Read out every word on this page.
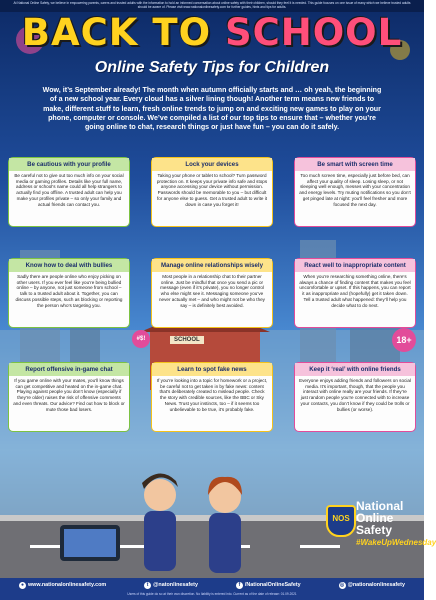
At National Online Safety, we believe in empowering parents, carers and trusted adults with the information to hold an informed conversation about online safety with their children, should they feel it is needed. This guide focuses on one issue of many which we believe trusted adults should be aware of. Please visit www.nationalonlinesafety.com for further guides, hints and tips for adults.
BACK TO SCHOOL
Online Safety Tips for Children
Wow, it’s September already! The month when autumn officially starts and … oh yeah, the beginning of a new school year. Every cloud has a silver lining though! Another term means new friends to make, different stuff to learn, fresh online trends to jump on and exciting new games to play on your phone, computer or console. We’ve compiled a list of our top tips to ensure that – whether you’re going online to chat, research things or just have fun – you can do it safely.
Be cautious with your profile
Be careful not to give out too much info on your social media or gaming profiles. Details like your full name, address or school’s name could all help strangers to actually find you offline. A trusted adult can help you make your profiles private – so only your family and actual friends can contact you.
Lock your devices
Taking your phone or tablet to school? Turn password protection on. It keeps your private info safe and stops anyone accessing your device without permission. Passwords should be memorable to you – but difficult for anyone else to guess. Get a trusted adult to write it down in case you forget it!
Be smart with screen time
Too much screen time, especially just before bed, can affect your quality of sleep. Losing sleep, or not sleeping well enough, messes with your concentration and energy levels. Try muting notifications so you don’t get pinged late at night: you’ll feel fresher and more focused the next day.
Know how to deal with bullies
Sadly there are people online who enjoy picking on other users. If you ever feel like you’re being bullied online – by anyone, not just someone from school – talk to a trusted adult about it. Together, you can discuss possible steps, such as blocking or reporting the person who’s targeting you.
Manage online relationships wisely
Most people in a relationship chat to their partner online. Just be mindful that once you send a pic or message (even if it’s private), you no longer control who else might see it. Messaging someone you’ve never actually met – and who might not be who they say – is definitely best avoided.
React well to inappropriate content
When you’re researching something online, there’s always a chance of finding content that makes you feel uncomfortable or upset. If this happens, you can report it as inappropriate and (hopefully) get it taken down. Tell a trusted adult what happened: they’ll help you decide what to do next.
Report offensive in-game chat
If you game online with your mates, you’ll know things can get competitive and heated on the in-game chat. Playing against people you don’t know (especially if they’re older) raises the risk of offensive comments and even threats. Our advice? Find out how to block or mute those bad losers.
Learn to spot fake news
If you’re looking into a topic for homework or a project, be careful not to get taken in by fake news: content that’s deliberately created to mislead people. Check the story with credible sources, like the BBC or Sky News. Trust your instincts, too – if it seems too unbelievable to be true, it’s probably fake.
Keep it ‘real’ with online friends
Everyone enjoys adding friends and followers on social media. It’s important, though, that the people you interact with online really are your friends. If they’re just random people you’re connected with to increase your contacts, you don’t know if they could be trolls or bullies (or worse).
SCHOOL	18+
#$!
NOS
National
Online
Safety
#WakeUpWednesday
● www.nationalonlinesafety.com	t @natonlinesafety	f /NationalOnlineSafety	◎ @nationalonlinesafety
Users of this guide do so at their own discretion. No liability is entered into. Current as of the date of release: 01.09.2021
